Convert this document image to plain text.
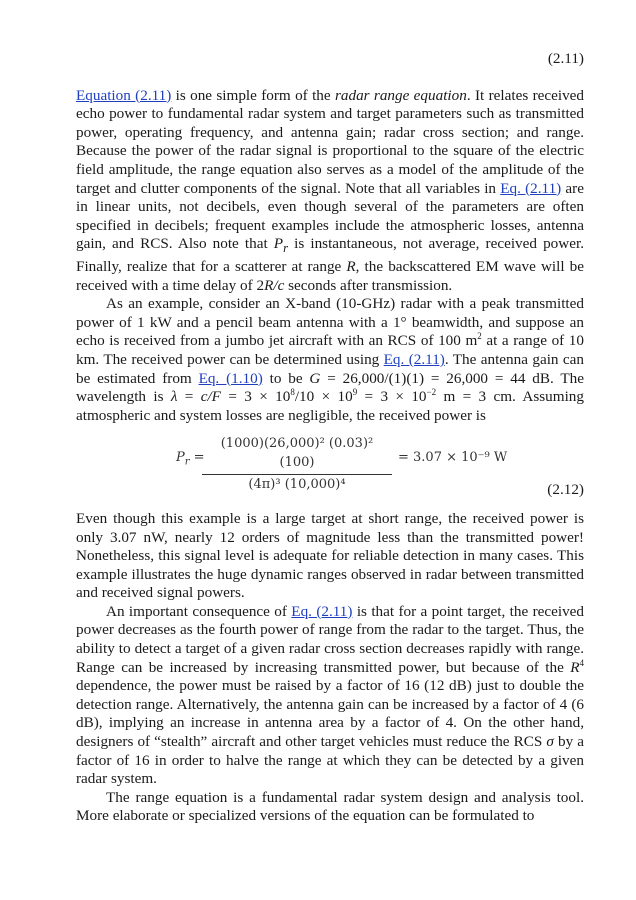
(2.11)

Equation (2.11) is one simple form of the radar range equation. It relates received echo power to fundamental radar system and target parameters such as transmitted power, operating frequency, and antenna gain; radar cross section; and range. Because the power of the radar signal is proportional to the square of the electric field amplitude, the range equation also serves as a model of the amplitude of the target and clutter components of the signal. Note that all variables in Eq. (2.11) are in linear units, not decibels, even though several of the parameters are often specified in decibels; frequent examples include the atmospheric losses, antenna gain, and RCS. Also note that $P_r$ is instantaneous, not average, received power. Finally, realize that for a scatterer at range R, the backscattered EM wave will be received with a time delay of 2R/c seconds after transmission.

As an example, consider an X-band (10-GHz) radar with a peak transmitted power of 1 kW and a pencil beam antenna with a 1° beamwidth, and suppose an echo is received from a jumbo jet aircraft with an RCS of 100 $m^2$ at a range of 10 km. The received power can be determined using Eq. (2.11). The antenna gain can be estimated from Eq. (1.10) to be G = 26,000/(1)(1) = 26,000 = 44 dB. The wavelength is $\lambda = c/F = 3 \times 10^8/10 \times 10^9 = 3 \times 10^{-2}$ m = 3 cm. Assuming atmospheric and system losses are negligible, the received power is

$P_r$ =
$\frac{\text{(1000)(26,000)² (0.03)² (100)}}{\text{(4π)³ (10,000)⁴}} = 3.07 \times 10^{-9}$ W
(2.12)

Even though this example is a large target at short range, the received power is only 3.07 nW, nearly 12 orders of magnitude less than the transmitted power! Nonetheless, this signal level is adequate for reliable detection in many cases. This example illustrates the huge dynamic ranges observed in radar between transmitted and received signal powers.

An important consequence of Eq. (2.11) is that for a point target, the received power decreases as the fourth power of range from the radar to the target. Thus, the ability to detect a target of a given radar cross section decreases rapidly with range. Range can be increased by increasing transmitted power, but because of the $R^4$ dependence, the power must be raised by a factor of 16 (12 dB) just to double the detection range. Alternatively, the antenna gain can be increased by a factor of 4 (6 dB), implying an increase in antenna area by a factor of 4. On the other hand, designers of “stealth” aircraft and other target vehicles must reduce the RCS σ by a factor of 16 in order to halve the range at which they can be detected by a given radar system.

The range equation is a fundamental radar system design and analysis tool. More elaborate or specialized versions of the equation can be formulated to
